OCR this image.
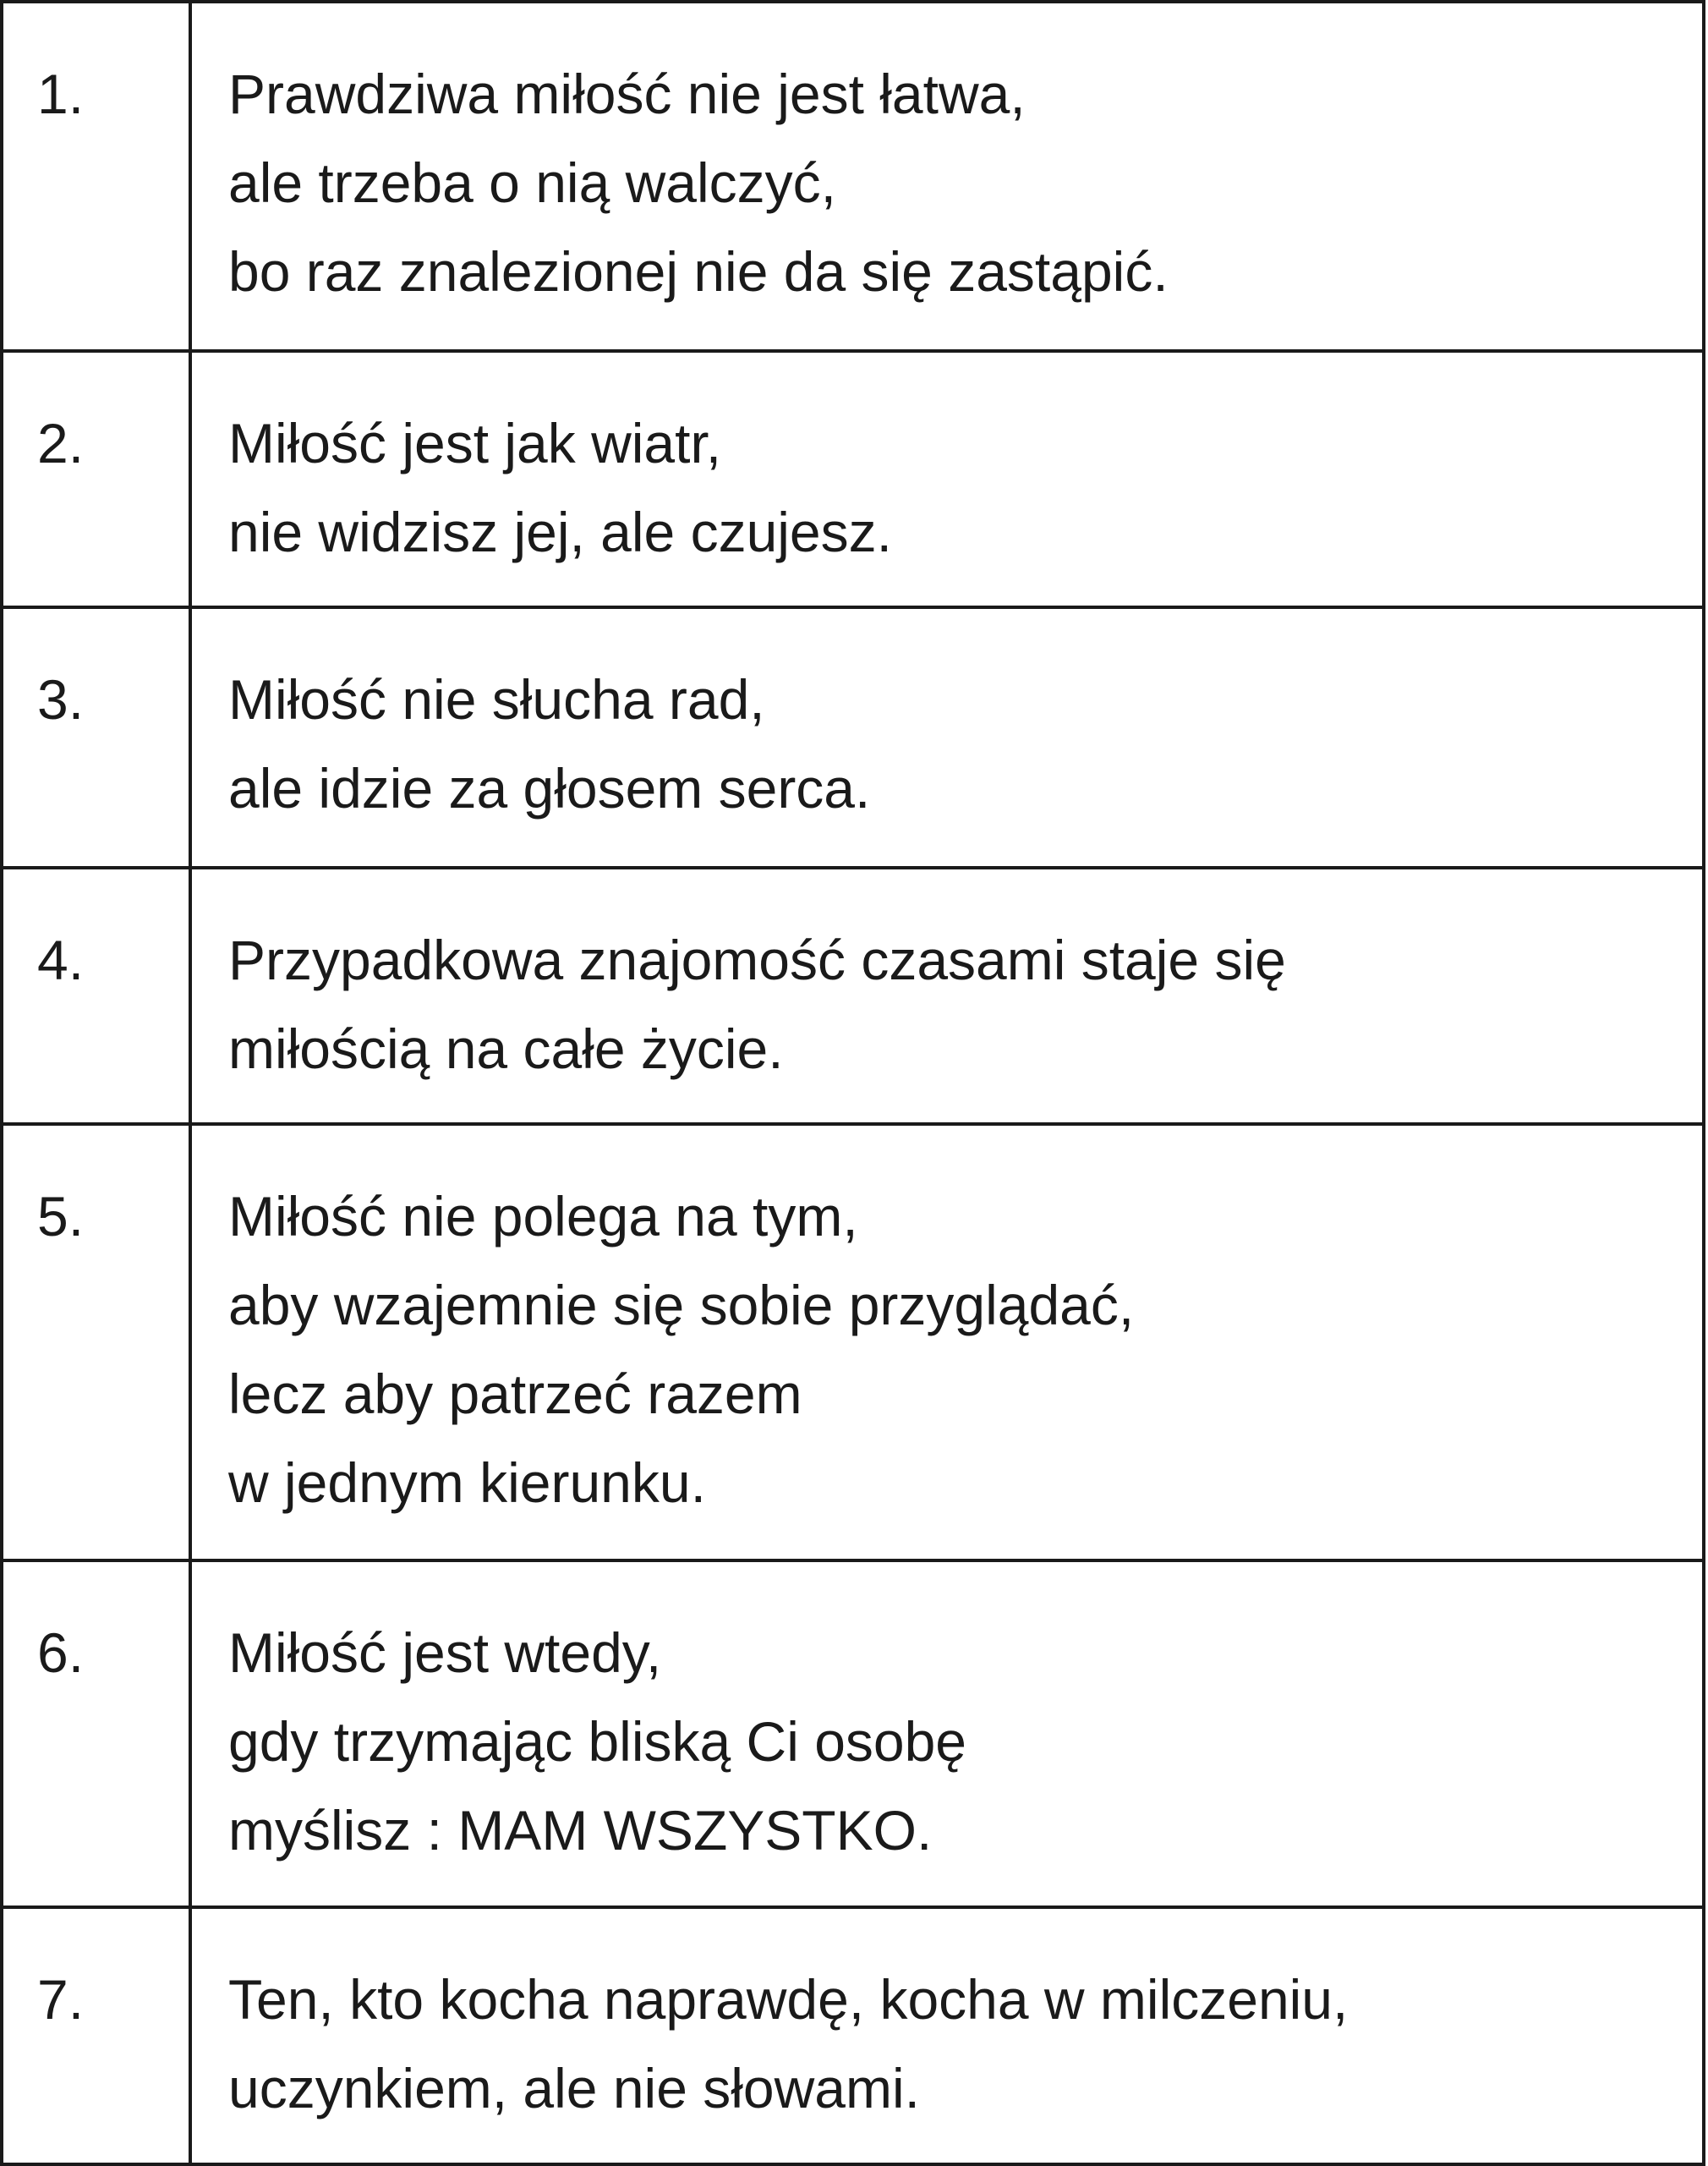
1.	Prawdziwa miłość nie jest łatwa,
ale trzeba o nią walczyć,
bo raz znalezionej nie da się zastąpić.
2.	Miłość jest jak wiatr,
nie widzisz jej, ale czujesz.
3.	Miłość nie słucha rad,
ale idzie za głosem serca.
4.	Przypadkowa znajomość czasami staje się
miłością na całe życie.
5.	Miłość nie polega na tym,
aby wzajemnie się sobie przyglądać,
lecz aby patrzeć razem
w jednym kierunku.
6.	Miłość jest wtedy,
gdy trzymając bliską Ci osobę
myślisz : MAM WSZYSTKO.
7.	Ten, kto kocha naprawdę, kocha w milczeniu,
uczynkiem, ale nie słowami.
